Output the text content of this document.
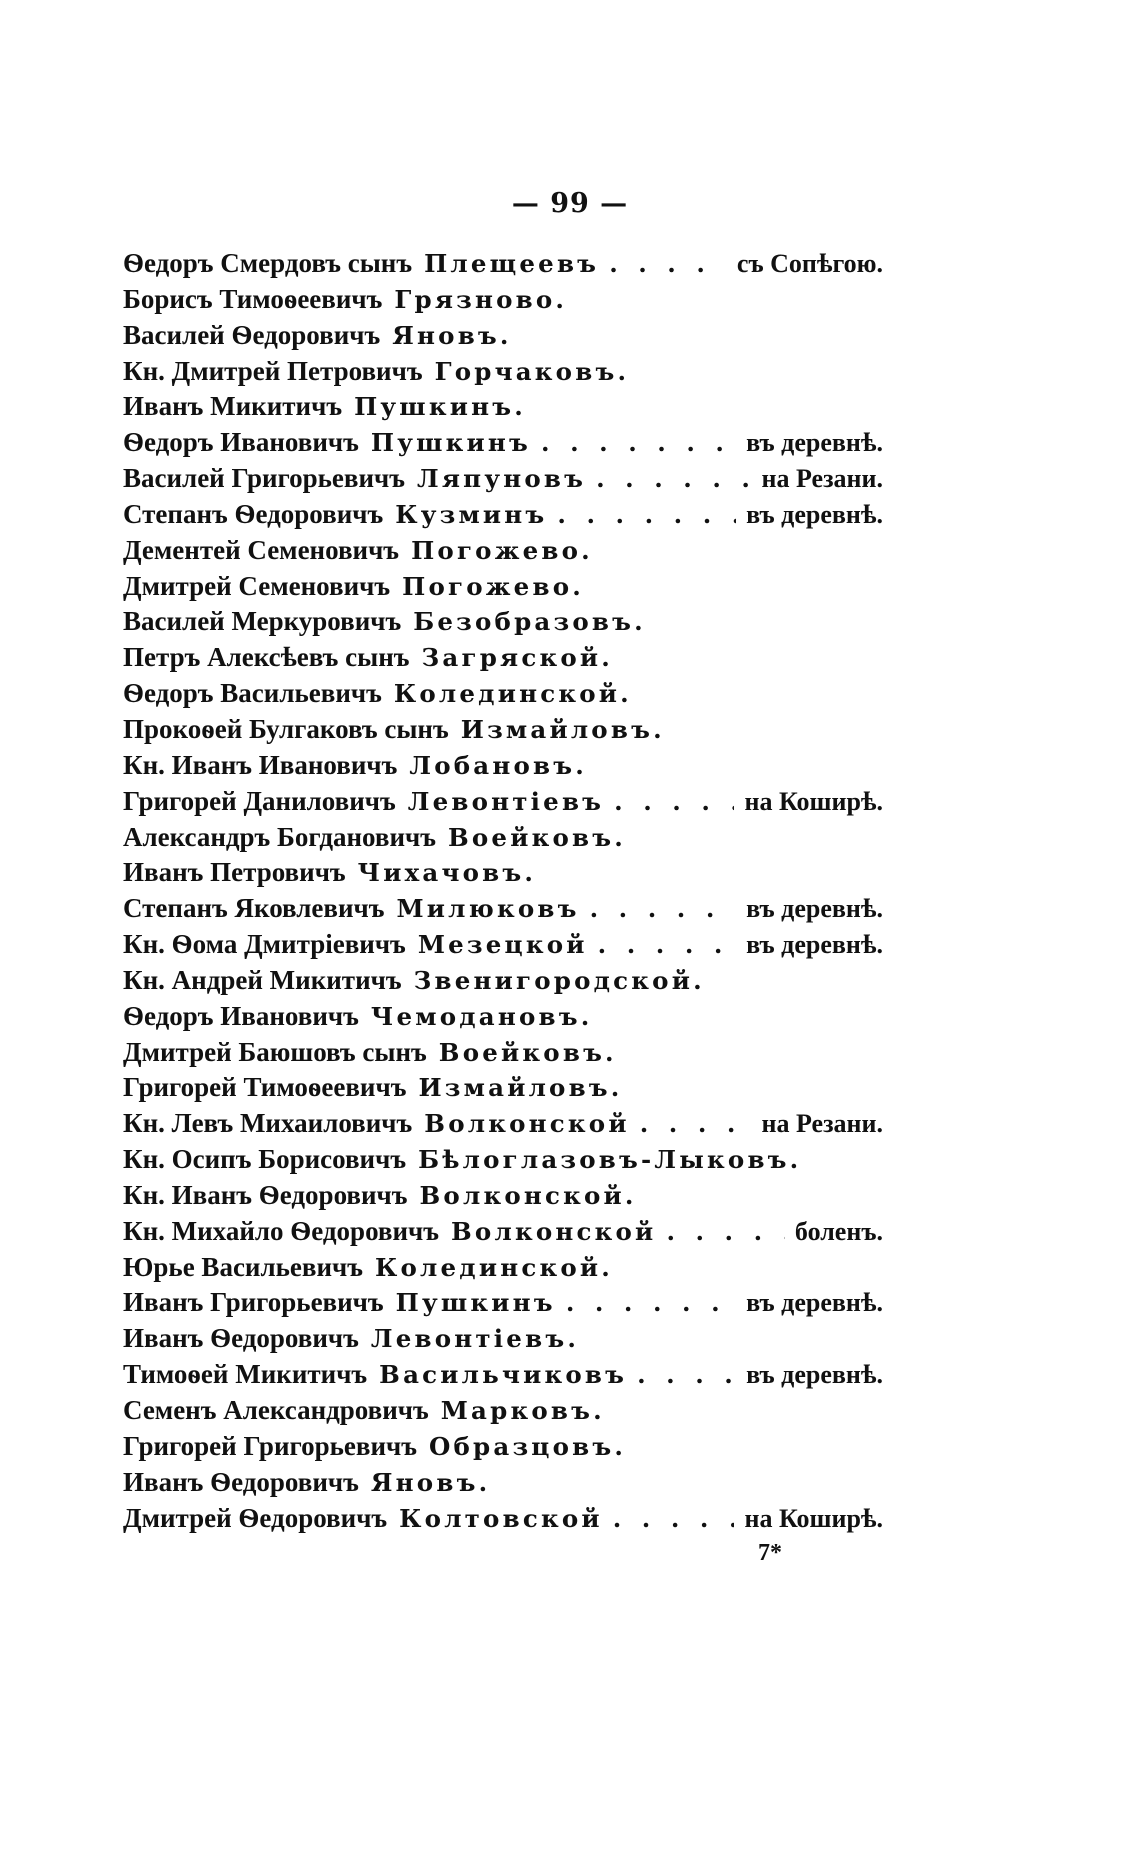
— 99 —
Ѳедоръ Смердовъ сынъ Плещеевъ . . .	съ Сопѣгою.
Борисъ Тимоѳеевичъ Грязново.
Василей Ѳедоровичъ Яновъ.
Кн. Дмитрей Петровичъ Горчаковъ.
Иванъ Микитичъ Пушкинъ.
Ѳедоръ Ивановичъ Пушкинъ . . .	въ деревнѣ.
Василей Григорьевичъ Ляпуновъ . . .	на Резани.
Степанъ Ѳедоровичъ Кузминъ . . .	въ деревнѣ.
Дементей Семеновичъ Погожево.
Дмитрей Семеновичъ Погожево.
Василей Меркуровичъ Безобразовъ.
Петръ Алексѣевъ сынъ Загряской.
Ѳедоръ Васильевичъ Колединской.
Прокоѳей Булгаковъ сынъ Измайловъ.
Кн. Иванъ Ивановичъ Лобановъ.
Григорей Даниловичъ Левонтіевъ . . .	на Коширѣ.
Александръ Богдановичъ Воейковъ.
Иванъ Петровичъ Чихачовъ.
Степанъ Яковлевичъ Милюковъ . . .	въ деревнѣ.
Кн. Ѳома Дмитріевичъ Мезецкой . . .	въ деревнѣ.
Кн. Андрей Микитичъ Звенигородской.
Ѳедоръ Ивановичъ Чемодановъ.
Дмитрей Баюшовъ сынъ Воейковъ.
Григорей Тимоѳеевичъ Измайловъ.
Кн. Левъ Михаиловичъ Волконской . . .	на Резани.
Кн. Осипъ Борисовичъ Бѣлоглазовъ-Лыковъ.
Кн. Иванъ Ѳедоровичъ Волконской.
Кн. Михайло Ѳедоровичъ Волконской . . .	боленъ.
Юрье Васильевичъ Колединской.
Иванъ Григорьевичъ Пушкинъ . . .	въ деревнѣ.
Иванъ Ѳедоровичъ Левонтіевъ.
Тимоѳей Микитичъ Васильчиковъ . . .	въ деревнѣ.
Семенъ Александровичъ Марковъ.
Григорей Григорьевичъ Образцовъ.
Иванъ Ѳедоровичъ Яновъ.
Дмитрей Ѳедоровичъ Колтовской . . .	на Коширѣ.
7*
